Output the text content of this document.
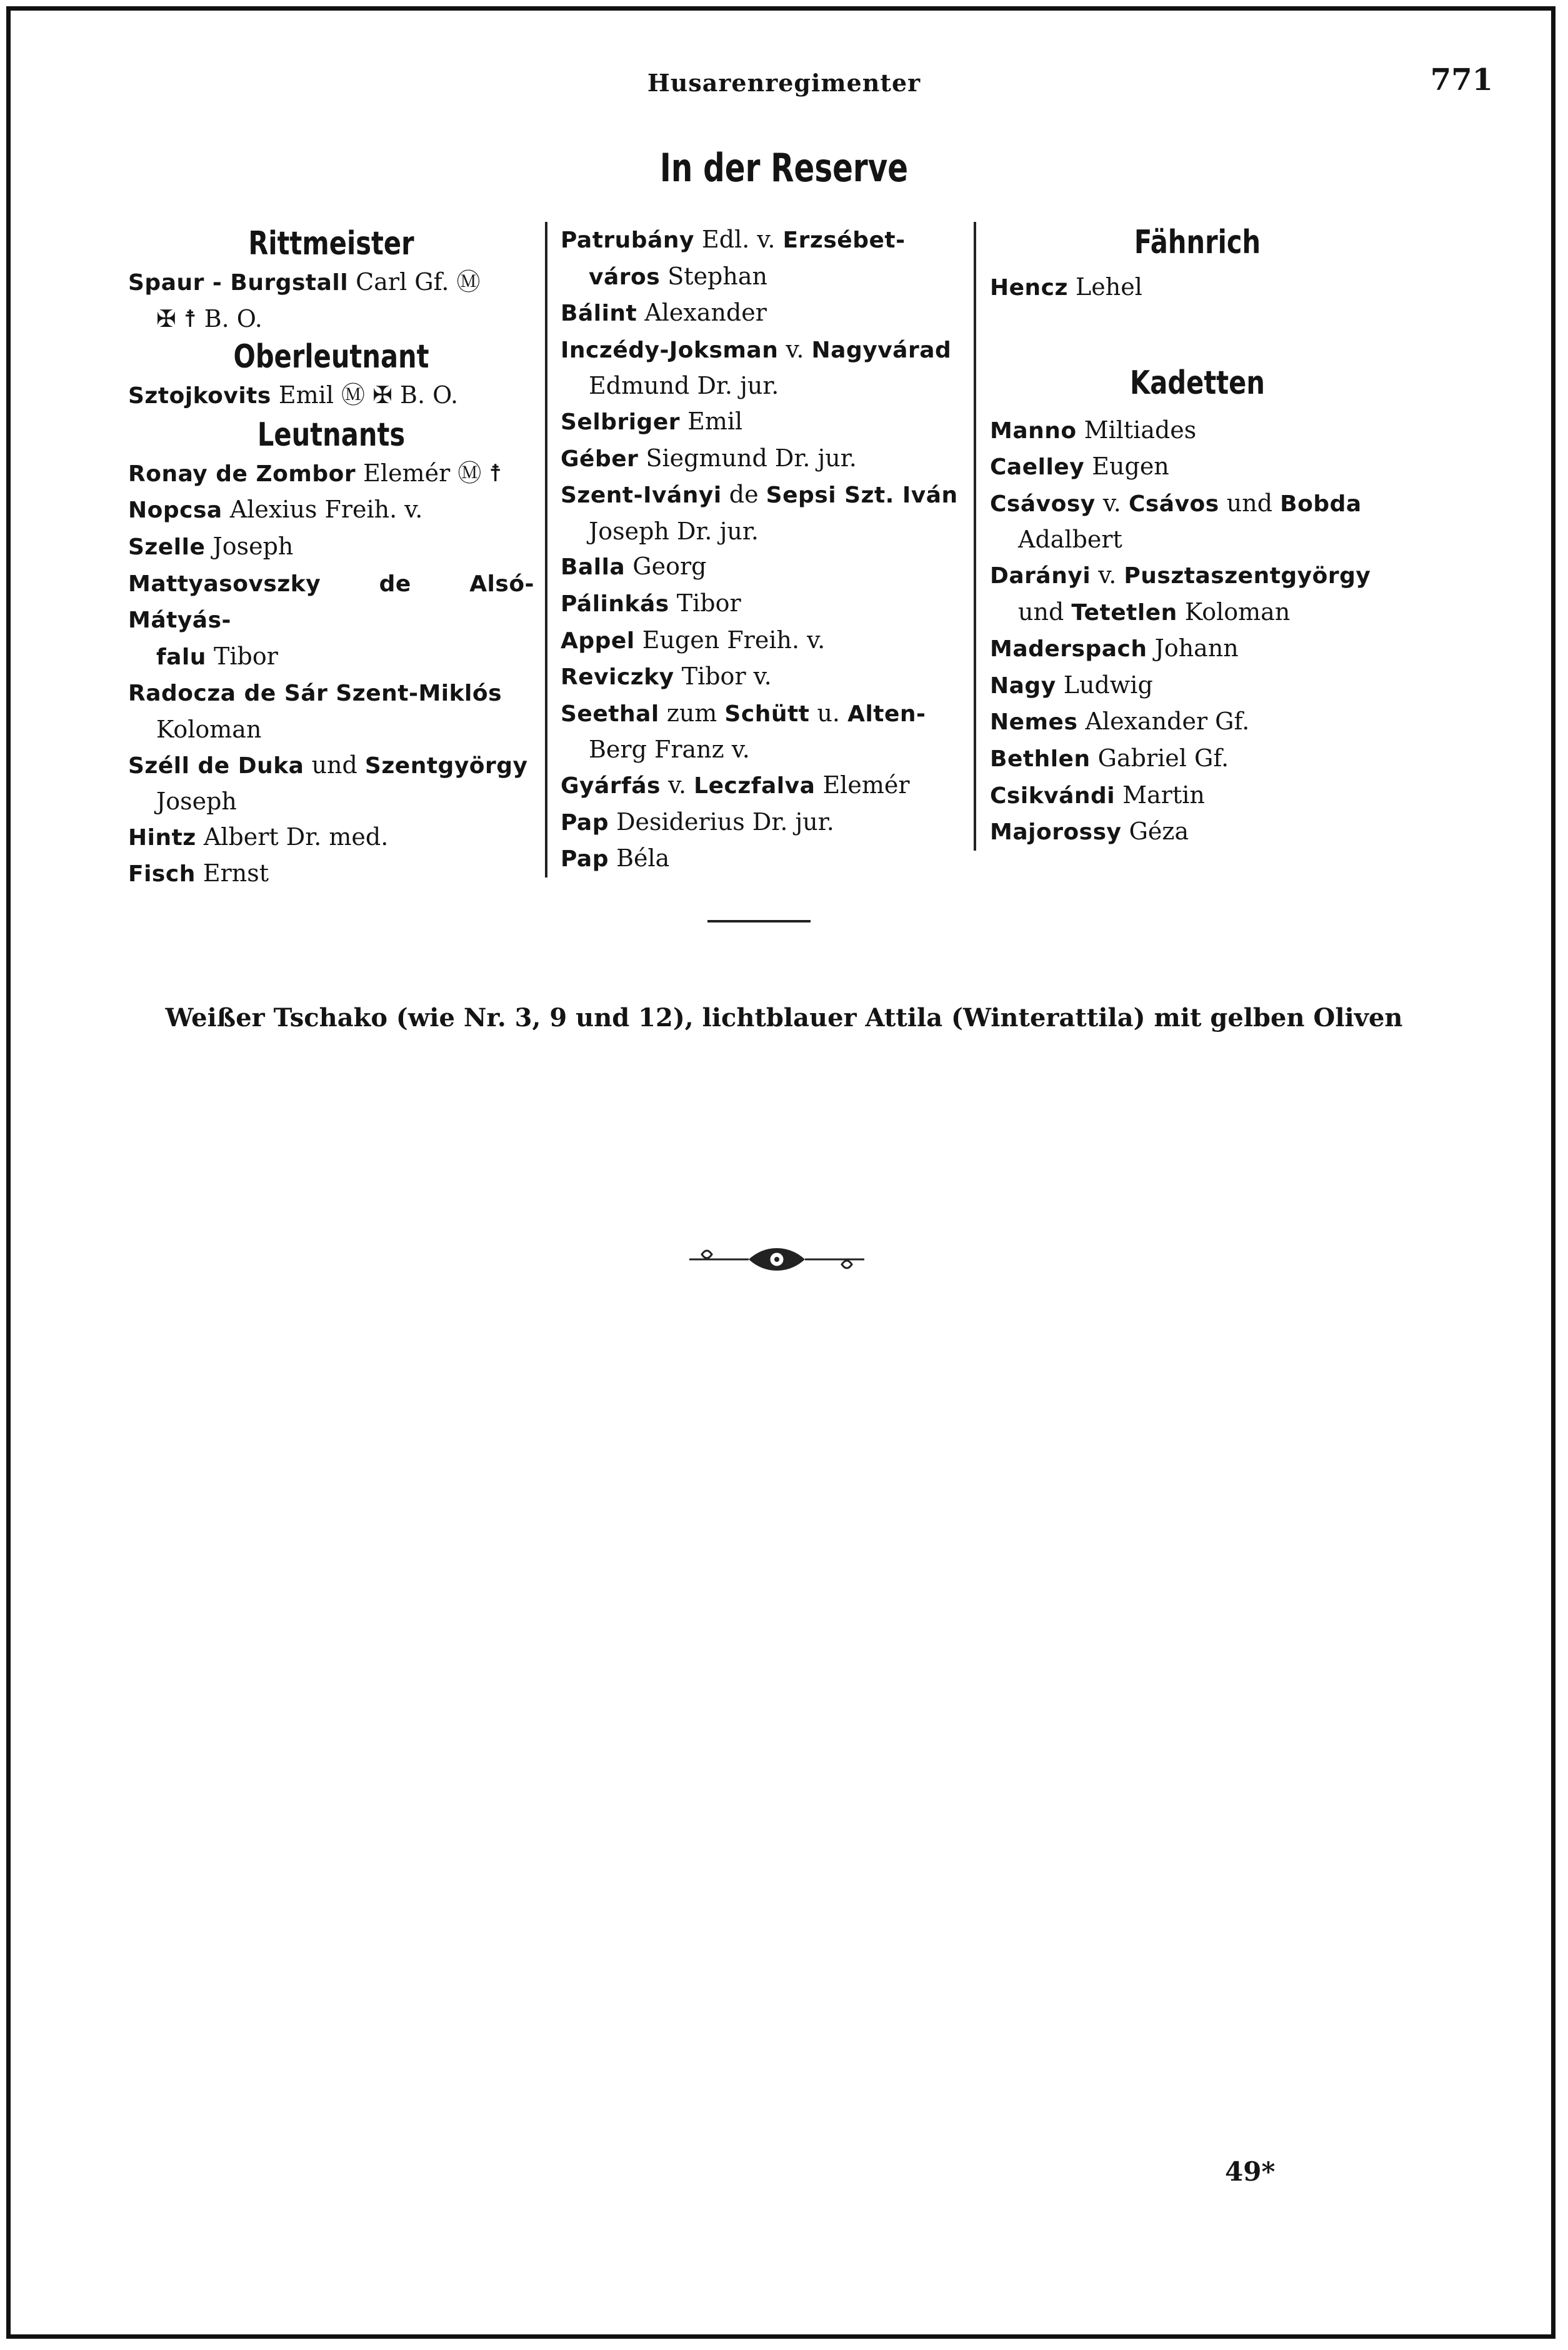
Husarenregimenter	771
In der Reserve
Rittmeister
Spaur - Burgstall Carl Gf. Ⓜ
✠ ☨ B. O.
Oberleutnant
Sztojkovits Emil Ⓜ ✠ B. O.
Leutnants
Ronay de Zombor Elemér Ⓜ ☨
Nopcsa Alexius Freih. v.
Szelle Joseph
Mattyasovszky de Alsó-Mátyás-
falu Tibor
Radocza de Sár Szent-Miklós
Koloman
Széll de Duka und Szentgyörgy
Joseph
Hintz Albert Dr. med.
Fisch Ernst
Patrubány Edl. v. Erzsébet-
város Stephan
Bálint Alexander
Inczédy-Joksman v. Nagyvárad
Edmund Dr. jur.
Selbriger Emil
Géber Siegmund Dr. jur.
Szent-Iványi de Sepsi Szt. Iván
Joseph Dr. jur.
Balla Georg
Pálinkás Tibor
Appel Eugen Freih. v.
Reviczky Tibor v.
Seethal zum Schütt u. Alten-
Berg Franz v.
Gyárfás v. Leczfalva Elemér
Pap Desiderius Dr. jur.
Pap Béla
Fähnrich
Hencz Lehel
Kadetten
Manno Miltiades
Caelley Eugen
Csávosy v. Csávos und Bobda
Adalbert
Darányi v. Pusztaszentgyörgy
und Tetetlen Koloman
Maderspach Johann
Nagy Ludwig
Nemes Alexander Gf.
Bethlen Gabriel Gf.
Csikvándi Martin
Majorossy Géza
Weißer Tschako (wie Nr. 3, 9 und 12), lichtblauer Attila (Winterattila) mit gelben Oliven
49*
